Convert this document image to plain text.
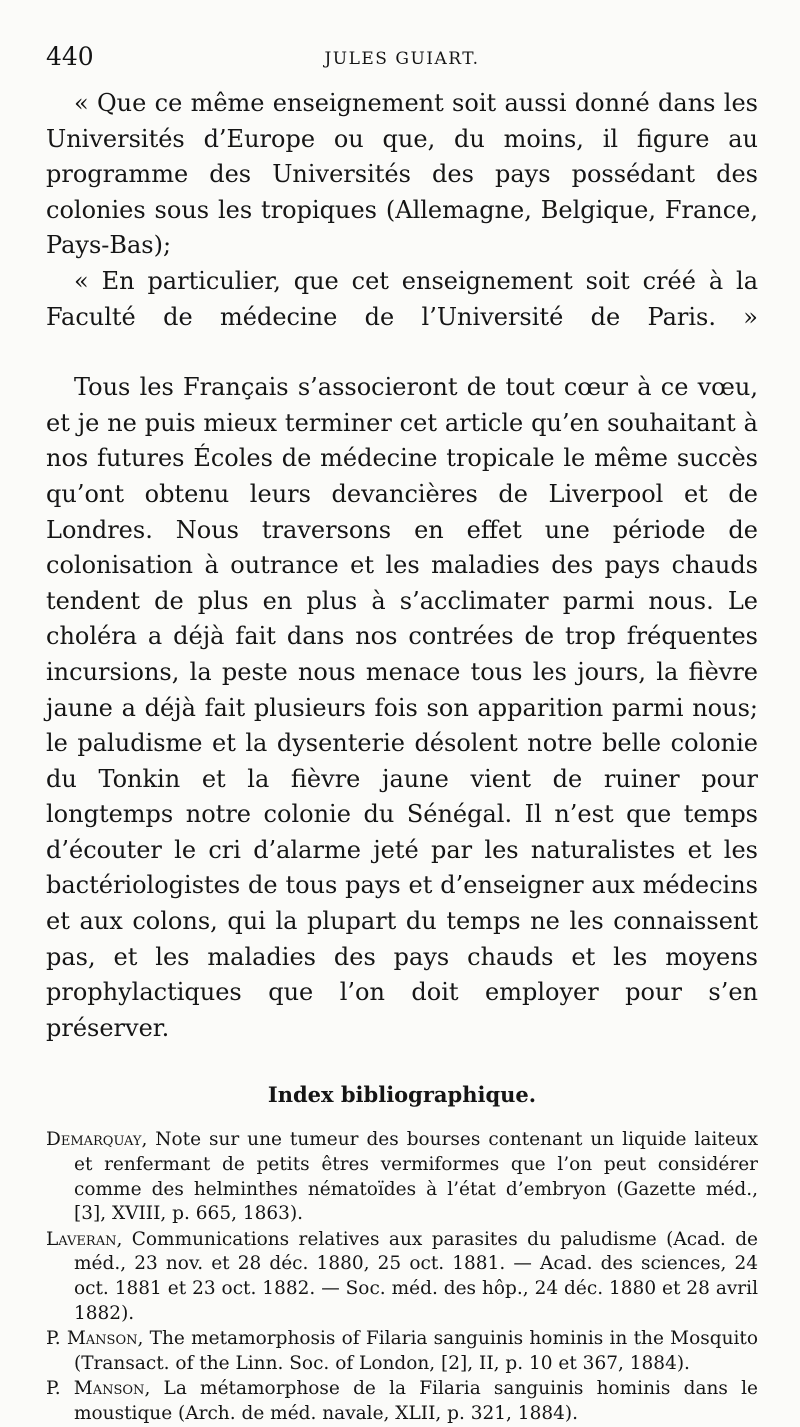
440	JULES GUIART.

« Que ce même enseignement soit aussi donné dans les Universités d’Europe ou que, du moins, il figure au programme des Universités des pays possédant des colonies sous les tropiques (Allemagne, Belgique, France, Pays-Bas);

« En particulier, que cet enseignement soit créé à la Faculté de médecine de l’Université de Paris. »

Tous les Français s’associeront de tout cœur à ce vœu, et je ne puis mieux terminer cet article qu’en souhaitant à nos futures Écoles de médecine tropicale le même succès qu’ont obtenu leurs devancières de Liverpool et de Londres. Nous traversons en effet une période de colonisation à outrance et les maladies des pays chauds tendent de plus en plus à s’acclimater parmi nous. Le choléra a déjà fait dans nos contrées de trop fréquentes incursions, la peste nous menace tous les jours, la fièvre jaune a déjà fait plusieurs fois son apparition parmi nous; le paludisme et la dysenterie désolent notre belle colonie du Tonkin et la fièvre jaune vient de ruiner pour longtemps notre colonie du Sénégal. Il n’est que temps d’écouter le cri d’alarme jeté par les naturalistes et les bactériologistes de tous pays et d’enseigner aux médecins et aux colons, qui la plupart du temps ne les connaissent pas, et les maladies des pays chauds et les moyens prophylactiques que l’on doit employer pour s’en préserver.

Index bibliographique.

Demarquay, Note sur une tumeur des bourses contenant un liquide laiteux et renfermant de petits êtres vermiformes que l’on peut considérer comme des helminthes nématoïdes à l’état d’embryon (Gazette méd., [3], XVIII, p. 665, 1863).

Laveran, Communications relatives aux parasites du paludisme (Acad. de méd., 23 nov. et 28 déc. 1880, 25 oct. 1881. — Acad. des sciences, 24 oct. 1881 et 23 oct. 1882. — Soc. méd. des hôp., 24 déc. 1880 et 28 avril 1882).

P. Manson, The metamorphosis of Filaria sanguinis hominis in the Mosquito (Transact. of the Linn. Soc. of London, [2], II, p. 10 et 367, 1884).

P. Manson, La métamorphose de la Filaria sanguinis hominis dans le moustique (Arch. de méd. navale, XLII, p. 321, 1884).
